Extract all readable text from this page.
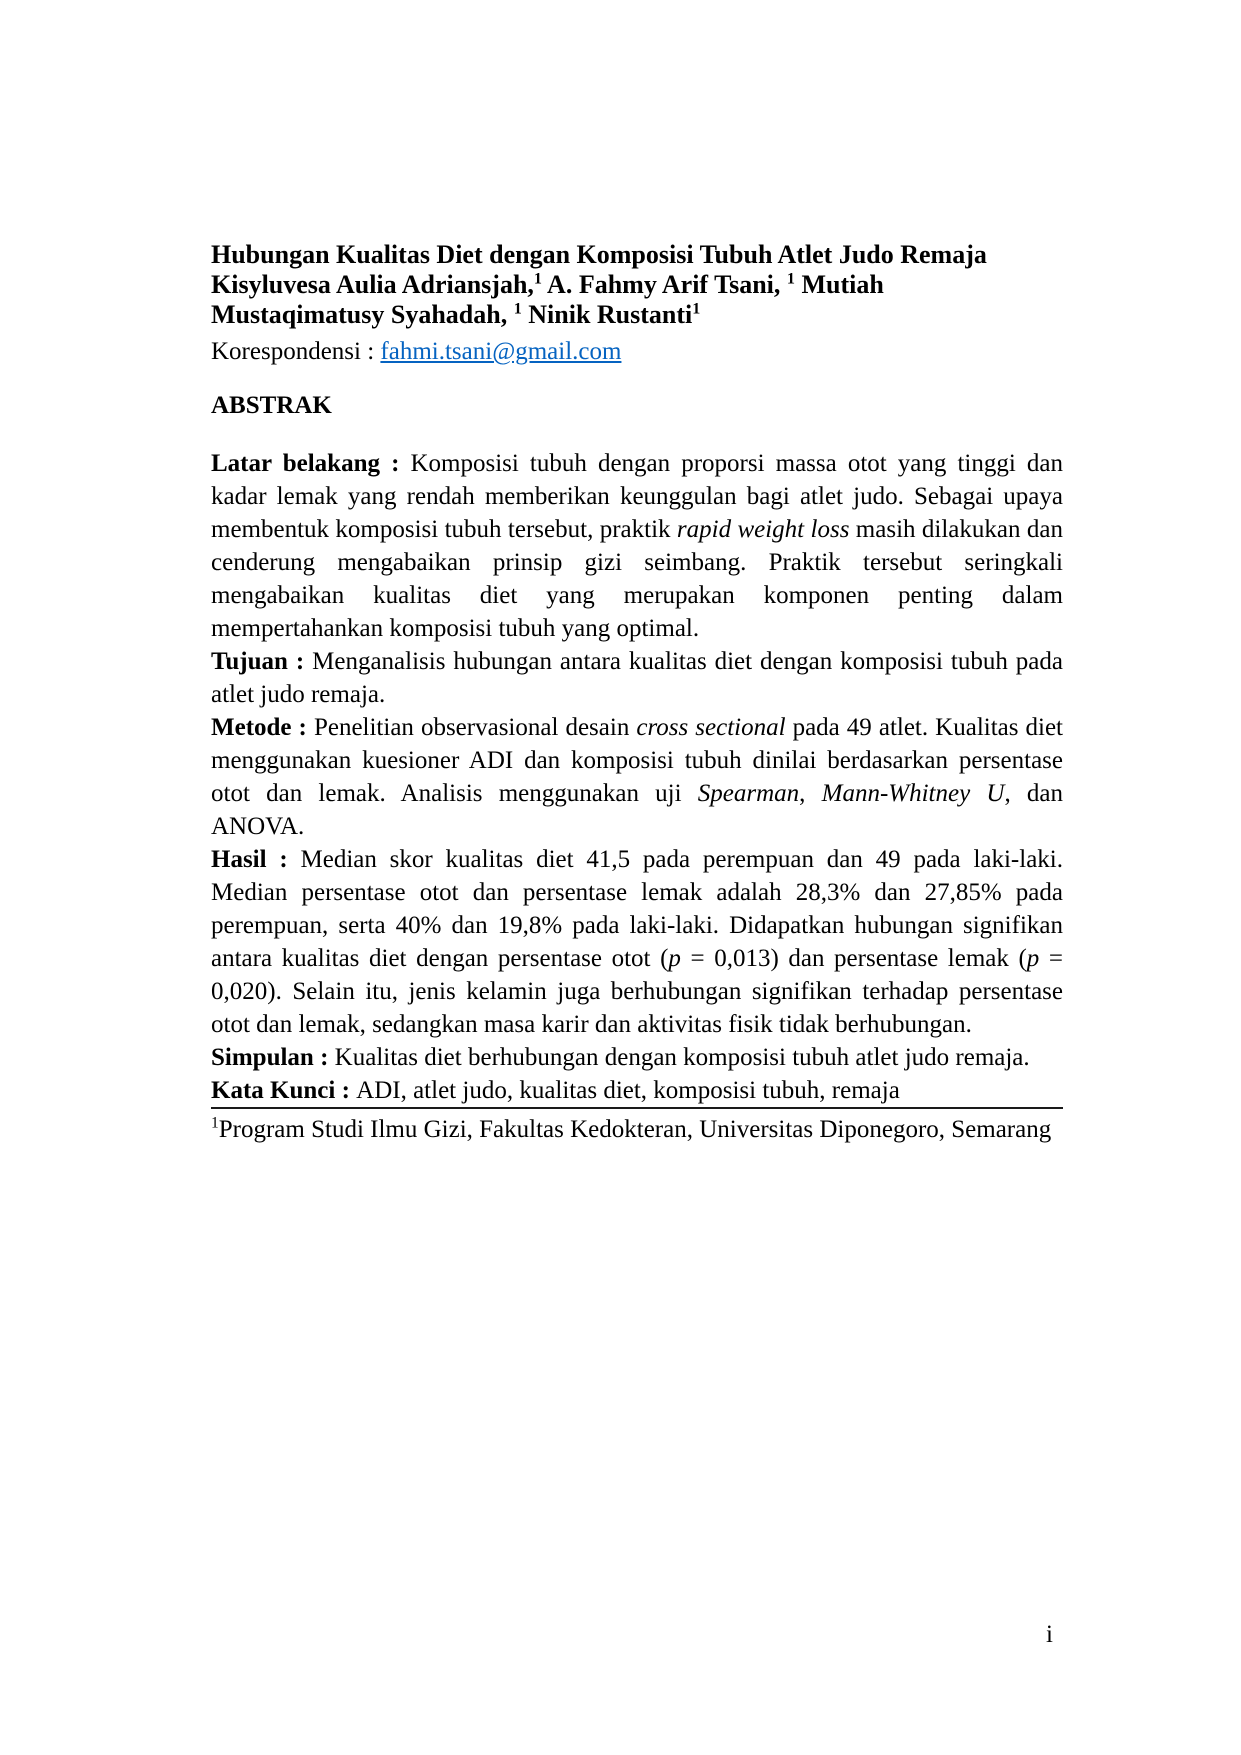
Hubungan Kualitas Diet dengan Komposisi Tubuh Atlet Judo Remaja

Kisyluvesa Aulia Adriansjah,$^1$ A. Fahmy Arif Tsani, $^1$ Mutiah Mustaqimatusy Syahadah, $^1$ Ninik Rustanti$^1$

Korespondensi : fahmi.tsani@gmail.com

ABSTRAK

Latar belakang : Komposisi tubuh dengan proporsi massa otot yang tinggi dan kadar lemak yang rendah memberikan keunggulan bagi atlet judo. Sebagai upaya membentuk komposisi tubuh tersebut, praktik rapid weight loss masih dilakukan dan cenderung mengabaikan prinsip gizi seimbang. Praktik tersebut seringkali mengabaikan kualitas diet yang merupakan komponen penting dalam mempertahankan komposisi tubuh yang optimal.

Tujuan : Menganalisis hubungan antara kualitas diet dengan komposisi tubuh pada atlet judo remaja.

Metode : Penelitian observasional desain cross sectional pada 49 atlet. Kualitas diet menggunakan kuesioner ADI dan komposisi tubuh dinilai berdasarkan persentase otot dan lemak. Analisis menggunakan uji Spearman, Mann-Whitney U, dan ANOVA.

Hasil : Median skor kualitas diet 41,5 pada perempuan dan 49 pada laki-laki. Median persentase otot dan persentase lemak adalah 28,3% dan 27,85% pada perempuan, serta 40% dan 19,8% pada laki-laki. Didapatkan hubungan signifikan antara kualitas diet dengan persentase otot (p = 0,013) dan persentase lemak (p = 0,020). Selain itu, jenis kelamin juga berhubungan signifikan terhadap persentase otot dan lemak, sedangkan masa karir dan aktivitas fisik tidak berhubungan.

Simpulan : Kualitas diet berhubungan dengan komposisi tubuh atlet judo remaja.

Kata Kunci : ADI, atlet judo, kualitas diet, komposisi tubuh, remaja

$^1$Program Studi Ilmu Gizi, Fakultas Kedokteran, Universitas Diponegoro, Semarang

i
